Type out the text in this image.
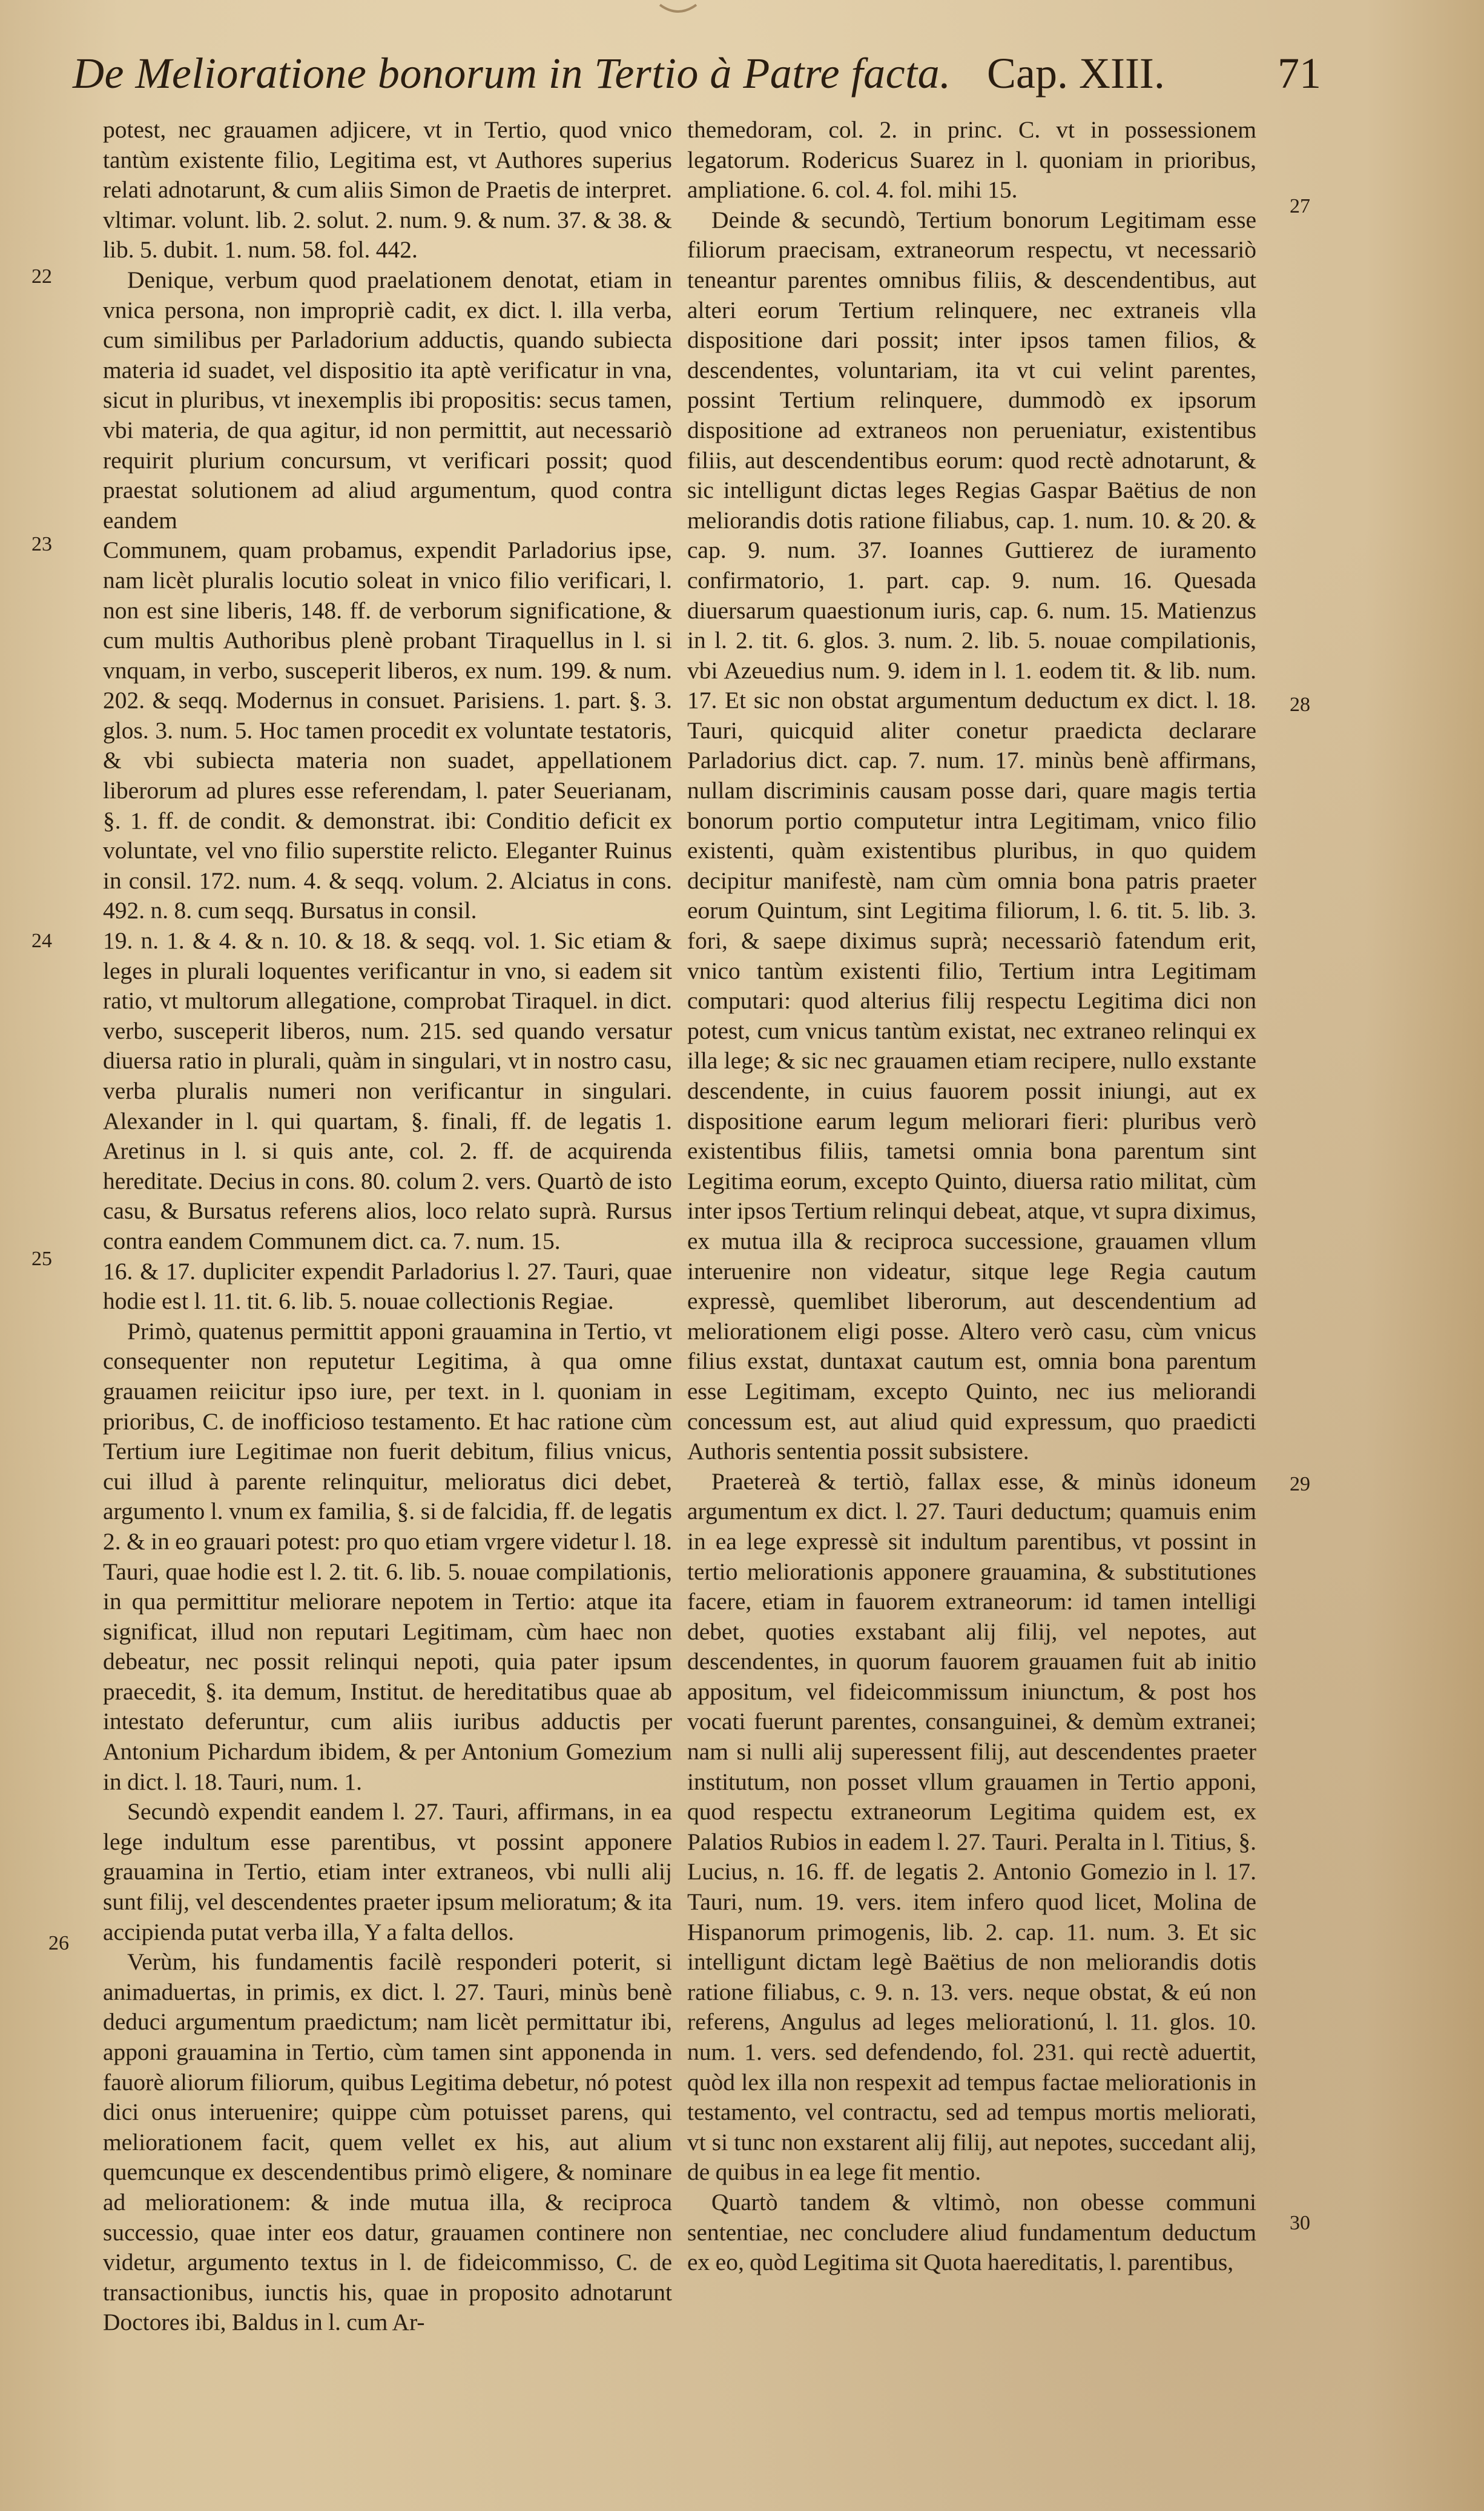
De Melioratione bonorum in Tertio à Patre facta. Cap. XIII.	71

potest, nec grauamen adjicere, vt in Tertio, quod vnico tantùm existente filio, Legitima est, vt Authores superius relati adnotarunt, & cum aliis Simon de Praetis de interpret. vltimar. volunt. lib. 2. solut. 2. num. 9. & num. 37. & 38. & lib. 5. dubit. 1. num. 58. fol. 442.

Denique, verbum quod praelationem denotat, etiam in vnica persona, non impropriè cadit, ex dict. l. illa verba, cum similibus per Parladorium adductis, quando subiecta materia id suadet, vel dispositio ita aptè verificatur in vna, sicut in pluribus, vt inexemplis ibi propositis: secus tamen, vbi materia, de qua agitur, id non permittit, aut necessariò requirit plurium concursum, vt verificari possit; quod praestat solutionem ad aliud argumentum, quod contra eandem

Communem, quam probamus, expendit Parladorius ipse, nam licèt pluralis locutio soleat in vnico filio verificari, l. non est sine liberis, 148. ff. de verborum significatione, & cum multis Authoribus plenè probant Tiraquellus in l. si vnquam, in verbo, susceperit liberos, ex num. 199. & num. 202. & seqq. Modernus in consuet. Parisiens. 1. part. §. 3. glos. 3. num. 5. Hoc tamen procedit ex voluntate testatoris, & vbi subiecta materia non suadet, appellationem liberorum ad plures esse referendam, l. pater Seuerianam, §. 1. ff. de condit. & demonstrat. ibi: Conditio deficit ex voluntate, vel vno filio superstite relicto. Eleganter Ruinus in consil. 172. num. 4. & seqq. volum. 2. Alciatus in cons. 492. n. 8. cum seqq. Bursatus in consil.

19. n. 1. & 4. & n. 10. & 18. & seqq. vol. 1. Sic etiam & leges in plurali loquentes verificantur in vno, si eadem sit ratio, vt multorum allegatione, comprobat Tiraquel. in dict. verbo, susceperit liberos, num. 215. sed quando versatur diuersa ratio in plurali, quàm in singulari, vt in nostro casu, verba pluralis numeri non verificantur in singulari. Alexander in l. qui quartam, §. finali, ff. de legatis 1. Aretinus in l. si quis ante, col. 2. ff. de acquirenda hereditate. Decius in cons. 80. colum 2. vers. Quartò de isto casu, & Bursatus referens alios, loco relato suprà. Rursus contra eandem Communem dict. ca. 7. num. 15.

16. & 17. dupliciter expendit Parladorius l. 27. Tauri, quae hodie est l. 11. tit. 6. lib. 5. nouae collectionis Regiae.

Primò, quatenus permittit apponi grauamina in Tertio, vt consequenter non reputetur Legitima, à qua omne grauamen reiicitur ipso iure, per text. in l. quoniam in prioribus, C. de inofficioso testamento. Et hac ratione cùm Tertium iure Legitimae non fuerit debitum, filius vnicus, cui illud à parente relinquitur, melioratus dici debet, argumento l. vnum ex familia, §. si de falcidia, ff. de legatis 2. & in eo grauari potest: pro quo etiam vrgere videtur l. 18. Tauri, quae hodie est l. 2. tit. 6. lib. 5. nouae compilationis, in qua permittitur meliorare nepotem in Tertio: atque ita significat, illud non reputari Legitimam, cùm haec non debeatur, nec possit relinqui nepoti, quia pater ipsum praecedit, §. ita demum, Institut. de hereditatibus quae ab intestato deferuntur, cum aliis iuribus adductis per Antonium Pichardum ibidem, & per Antonium Gomezium in dict. l. 18. Tauri, num. 1.

Secundò expendit eandem l. 27. Tauri, affirmans, in ea lege indultum esse parentibus, vt possint apponere grauamina in Tertio, etiam inter extraneos, vbi nulli alij sunt filij, vel descendentes praeter ipsum melioratum; & ita accipienda putat verba illa, Y a falta dellos.

Verùm, his fundamentis facilè responderi poterit, si animaduertas, in primis, ex dict. l. 27. Tauri, minùs benè deduci argumentum praedictum; nam licèt permittatur ibi, apponi grauamina in Tertio, cùm tamen sint apponenda in fauorè aliorum filiorum, quibus Legitima debetur, nó potest dici onus interuenire; quippe cùm potuisset parens, qui meliorationem facit, quem vellet ex his, aut alium quemcunque ex descendentibus primò eligere, & nominare ad meliorationem: & inde mutua illa, & reciproca successio, quae inter eos datur, grauamen continere non videtur, argumento textus in l. de fideicommisso, C. de transactionibus, iunctis his, quae in proposito adnotarunt Doctores ibi, Baldus in l. cum Ar-

themedoram, col. 2. in princ. C. vt in possessionem legatorum. Rodericus Suarez in l. quoniam in prioribus, ampliatione. 6. col. 4. fol. mihi 15.

Deinde & secundò, Tertium bonorum Legitimam esse filiorum praecisam, extraneorum respectu, vt necessariò teneantur parentes omnibus filiis, & descendentibus, aut alteri eorum Tertium relinquere, nec extraneis vlla dispositione dari possit; inter ipsos tamen filios, & descendentes, voluntariam, ita vt cui velint parentes, possint Tertium relinquere, dummodò ex ipsorum dispositione ad extraneos non perueniatur, existentibus filiis, aut descendentibus eorum: quod rectè adnotarunt, & sic intelligunt dictas leges Regias Gaspar Baëtius de non meliorandis dotis ratione filiabus, cap. 1. num. 10. & 20. & cap. 9. num. 37. Ioannes Guttierez de iuramento confirmatorio, 1. part. cap. 9. num. 16. Quesada diuersarum quaestionum iuris, cap. 6. num. 15. Matienzus in l. 2. tit. 6. glos. 3. num. 2. lib. 5. nouae compilationis, vbi Azeuedius num. 9. idem in l. 1. eodem tit. & lib. num. 17. Et sic non obstat argumentum deductum ex dict. l. 18. Tauri, quicquid aliter conetur praedicta declarare Parladorius dict. cap. 7. num. 17. minùs benè affirmans, nullam discriminis causam posse dari, quare magis tertia bonorum portio computetur intra Legitimam, vnico filio existenti, quàm existentibus pluribus, in quo quidem decipitur manifestè, nam cùm omnia bona patris praeter eorum Quintum, sint Legitima filiorum, l. 6. tit. 5. lib. 3. fori, & saepe diximus suprà; necessariò fatendum erit, vnico tantùm existenti filio, Tertium intra Legitimam computari: quod alterius filij respectu Legitima dici non potest, cum vnicus tantùm existat, nec extraneo relinqui ex illa lege; & sic nec grauamen etiam recipere, nullo exstante descendente, in cuius fauorem possit iniungi, aut ex dispositione earum legum meliorari fieri: pluribus verò existentibus filiis, tametsi omnia bona parentum sint Legitima eorum, excepto Quinto, diuersa ratio militat, cùm inter ipsos Tertium relinqui debeat, atque, vt supra diximus, ex mutua illa & reciproca successione, grauamen vllum interuenire non videatur, sitque lege Regia cautum expressè, quemlibet liberorum, aut descendentium ad meliorationem eligi posse. Altero verò casu, cùm vnicus filius exstat, duntaxat cautum est, omnia bona parentum esse Legitimam, excepto Quinto, nec ius meliorandi concessum est, aut aliud quid expressum, quo praedicti Authoris sententia possit subsistere.

Praetereà & tertiò, fallax esse, & minùs idoneum argumentum ex dict. l. 27. Tauri deductum; quamuis enim in ea lege expressè sit indultum parentibus, vt possint in tertio meliorationis apponere grauamina, & substitutiones facere, etiam in fauorem extraneorum: id tamen intelligi debet, quoties exstabant alij filij, vel nepotes, aut descendentes, in quorum fauorem grauamen fuit ab initio appositum, vel fideicommissum iniunctum, & post hos vocati fuerunt parentes, consanguinei, & demùm extranei; nam si nulli alij superessent filij, aut descendentes praeter institutum, non posset vllum grauamen in Tertio apponi, quod respectu extraneorum Legitima quidem est, ex Palatios Rubios in eadem l. 27. Tauri. Peralta in l. Titius, §. Lucius, n. 16. ff. de legatis 2. Antonio Gomezio in l. 17. Tauri, num. 19. vers. item infero quod licet, Molina de Hispanorum primogenis, lib. 2. cap. 11. num. 3. Et sic intelligunt dictam legè Baëtius de non meliorandis dotis ratione filiabus, c. 9. n. 13. vers. neque obstat, & eú non referens, Angulus ad leges meliorationú, l. 11. glos. 10. num. 1. vers. sed defendendo, fol. 231. qui rectè aduertit, quòd lex illa non respexit ad tempus factae meliorationis in testamento, vel contractu, sed ad tempus mortis meliorati, vt si tunc non exstarent alij filij, aut nepotes, succedant alij, de quibus in ea lege fit mentio.

Quartò tandem & vltimò, non obesse communi sententiae, nec concludere aliud fundamentum deductum ex eo, quòd Legitima sit Quota haereditatis, l. parentibus,

22
23
24
25
26
27
28
29
30
